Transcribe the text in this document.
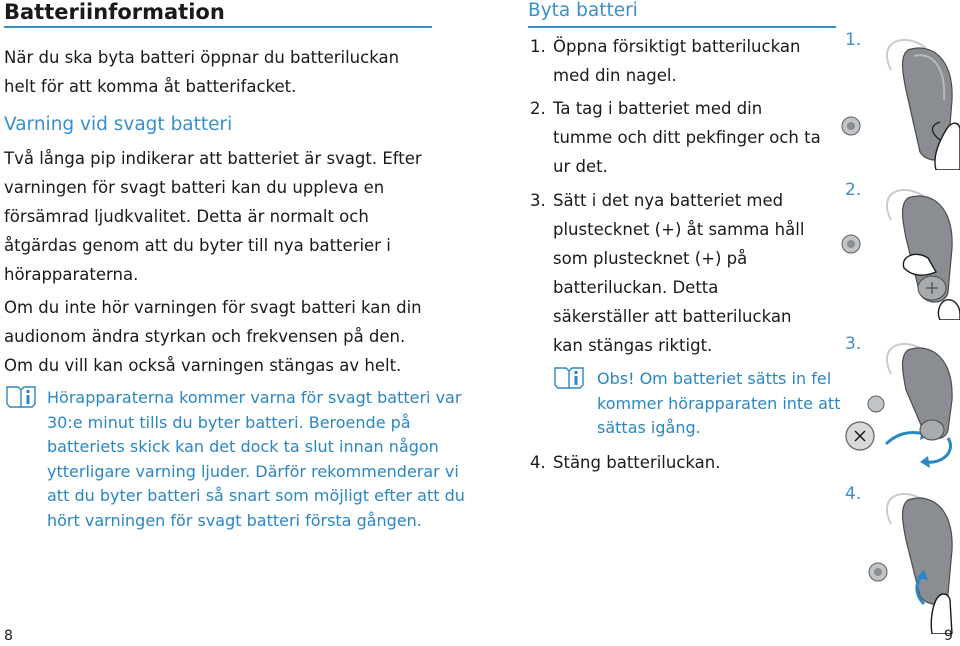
Batteriinformation
När du ska byta batteri öppnar du batteriluckan
helt för att komma åt batterifacket.
Varning vid svagt batteri
Två långa pip indikerar att batteriet är svagt. Efter
varningen för svagt batteri kan du uppleva en
försämrad ljudkvalitet. Detta är normalt och
åtgärdas genom att du byter till nya batterier i
hörapparaterna.
Om du inte hör varningen för svagt batteri kan din
audionom ändra styrkan och frekvensen på den.
Om du vill kan också varningen stängas av helt.
Hörapparaterna kommer varna för svagt batteri var
30:e minut tills du byter batteri. Beroende på
batteriets skick kan det dock ta slut innan någon
ytterligare varning ljuder. Därför rekommenderar vi
att du byter batteri så snart som möjligt efter att du
hört varningen för svagt batteri första gången.
8
Byta batteri
1. Öppna försiktigt batteriluckan
med din nagel.
2. Ta tag i batteriet med din
tumme och ditt pekfinger och ta
ur det.
3. Sätt i det nya batteriet med
plustecknet (+) åt samma håll
som plustecknet (+) på
batteriluckan. Detta
säkerställer att batteriluckan
kan stängas riktigt.
Obs! Om batteriet sätts in fel
kommer hörapparaten inte att
sättas igång.
4. Stäng batteriluckan.
1.
2.
3.
4.
9
